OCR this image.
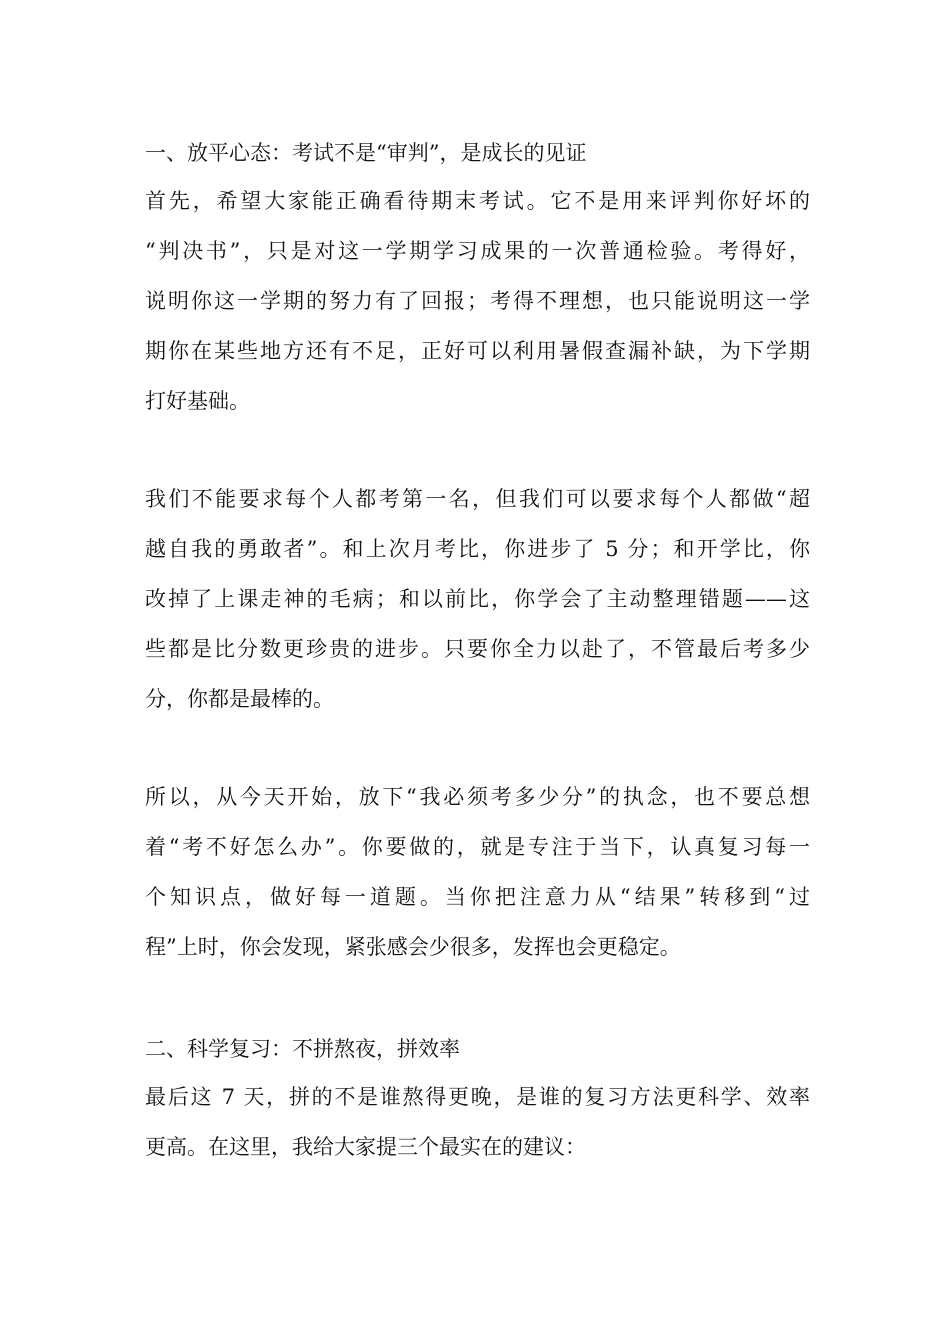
一、放平心态：考试不是“审判”，是成长的见证
首先，希望大家能正确看待期末考试。它不是用来评判你好坏的
“判决书”，只是对这一学期学习成果的一次普通检验。考得好，
说明你这一学期的努力有了回报；考得不理想，也只能说明这一学
期你在某些地方还有不足，正好可以利用暑假查漏补缺，为下学期
打好基础。
我们不能要求每个人都考第一名，但我们可以要求每个人都做“超
越自我的勇敢者”。和上次月考比，你进步了 5 分；和开学比，你
改掉了上课走神的毛病；和以前比，你学会了主动整理错题——这
些都是比分数更珍贵的进步。只要你全力以赴了，不管最后考多少
分，你都是最棒的。
所以，从今天开始，放下“我必须考多少分”的执念，也不要总想
着“考不好怎么办”。你要做的，就是专注于当下，认真复习每一
个知识点，做好每一道题。当你把注意力从“结果”转移到“过
程”上时，你会发现，紧张感会少很多，发挥也会更稳定。
二、科学复习：不拼熬夜，拼效率
最后这 7 天，拼的不是谁熬得更晚，是谁的复习方法更科学、效率
更高。在这里，我给大家提三个最实在的建议：
